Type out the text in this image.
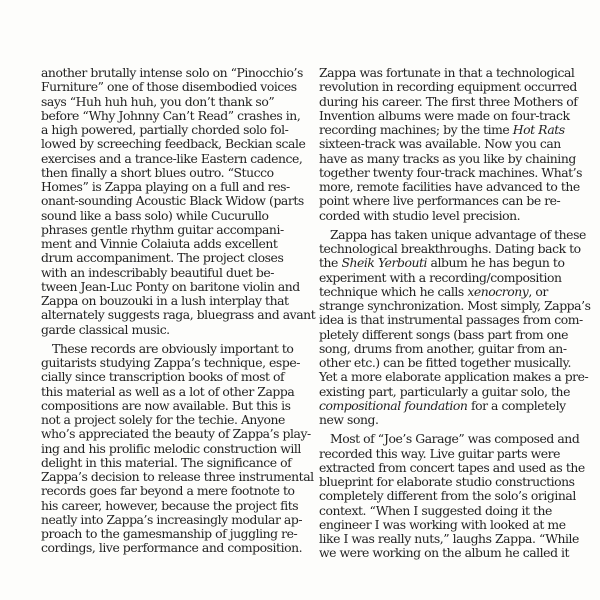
another brutally intense solo on “Pinocchio’s
Furniture” one of those disembodied voices
says “Huh huh huh, you don’t thank so”
before “Why Johnny Can’t Read” crashes in,
a high powered, partially chorded solo fol-
lowed by screeching feedback, Beckian scale
exercises and a trance-like Eastern cadence,
then finally a short blues outro. “Stucco
Homes” is Zappa playing on a full and res-
onant-sounding Acoustic Black Widow (parts
sound like a bass solo) while Cucurullo
phrases gentle rhythm guitar accompani-
ment and Vinnie Colaiuta adds excellent
drum accompaniment. The project closes
with an indescribably beautiful duet be-
tween Jean-Luc Ponty on baritone violin and
Zappa on bouzouki in a lush interplay that
alternately suggests raga, bluegrass and avant
garde classical music.
These records are obviously important to
guitarists studying Zappa’s technique, espe-
cially since transcription books of most of
this material as well as a lot of other Zappa
compositions are now available. But this is
not a project solely for the techie. Anyone
who’s appreciated the beauty of Zappa’s play-
ing and his prolific melodic construction will
delight in this material. The significance of
Zappa’s decision to release three instrumental
records goes far beyond a mere footnote to
his career, however, because the project fits
neatly into Zappa’s increasingly modular ap-
proach to the gamesmanship of juggling re-
cordings, live performance and composition.
Zappa was fortunate in that a technological
revolution in recording equipment occurred
during his career. The first three Mothers of
Invention albums were made on four-track
recording machines; by the time Hot Rats
sixteen-track was available. Now you can
have as many tracks as you like by chaining
together twenty four-track machines. What’s
more, remote facilities have advanced to the
point where live performances can be re-
corded with studio level precision.
Zappa has taken unique advantage of these
technological breakthroughs. Dating back to
the Sheik Yerbouti album he has begun to
experiment with a recording/composition
technique which he calls xenocrony, or
strange synchronization. Most simply, Zappa’s
idea is that instrumental passages from com-
pletely different songs (bass part from one
song, drums from another, guitar from an-
other etc.) can be fitted together musically.
Yet a more elaborate application makes a pre-
existing part, particularly a guitar solo, the
compositional foundation for a completely
new song.
Most of “Joe’s Garage” was composed and
recorded this way. Live guitar parts were
extracted from concert tapes and used as the
blueprint for elaborate studio constructions
completely different from the solo’s original
context. “When I suggested doing it the
engineer I was working with looked at me
like I was really nuts,” laughs Zappa. “While
we were working on the album he called it
